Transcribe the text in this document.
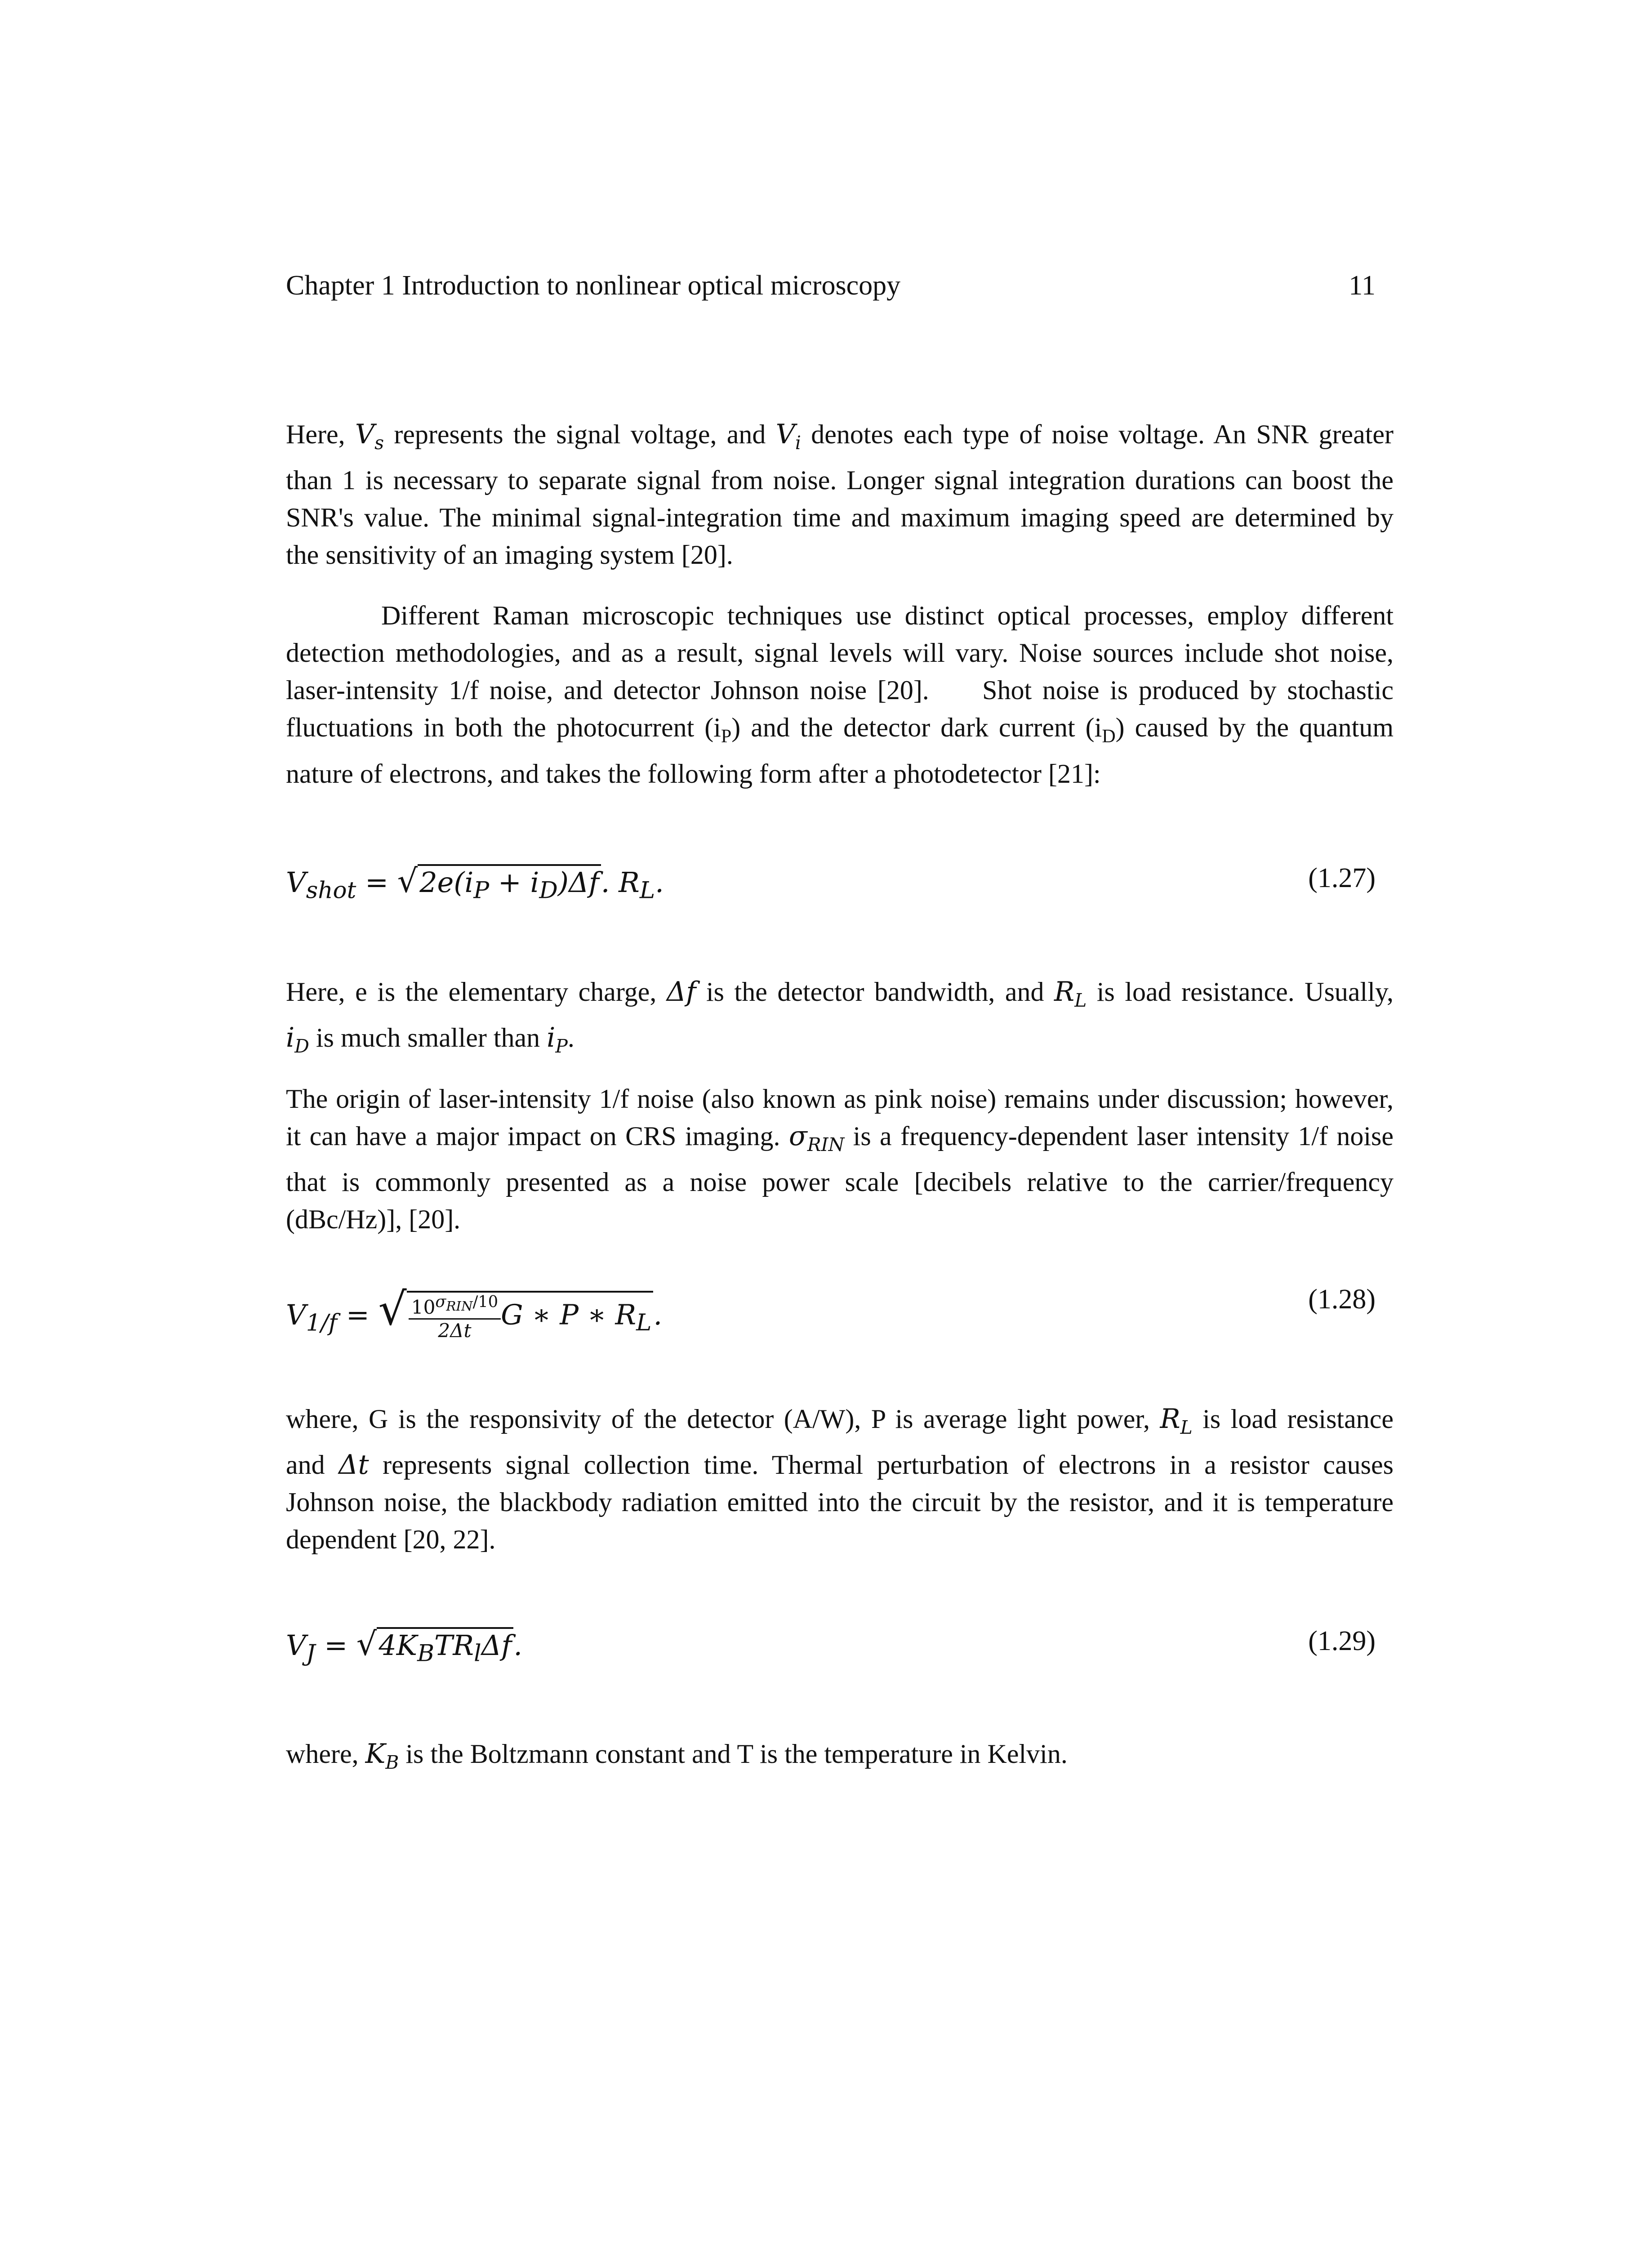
Chapter 1 Introduction to nonlinear optical microscopy	11
Here, $V_s$ represents the signal voltage, and $V_i$ denotes each type of noise voltage. An SNR greater
than 1 is necessary to separate signal from noise. Longer signal integration durations can boost the
SNR's value. The minimal signal-integration time and maximum imaging speed are determined by
the sensitivity of an imaging system [20].
Different Raman microscopic techniques use distinct optical processes, employ different
detection methodologies, and as a result, signal levels will vary. Noise sources include shot noise,
laser-intensity 1/f noise, and detector Johnson noise [20].     Shot noise is produced by stochastic
fluctuations in both the photocurrent $(i_P)$ and the detector dark current $(i_D)$ caused by the quantum
nature of electrons, and takes the following form after a photodetector [21]:
$V_{shot} = √2e(i_P + i_D)\Delta f$. $R_L$.	(1.27)
Here, e is the elementary charge, Δf is the detector bandwidth, and $R_L$ is load resistance. Usually,
$i_D$ is much smaller than $i_P$.
The origin of laser-intensity 1/f noise (also known as pink noise) remains under discussion; however,
it can have a major impact on CRS imaging. $\sigma_{RIN}$ is a frequency-dependent laser intensity 1/f noise
that is commonly presented as a noise power scale [decibels relative to the carrier/frequency
(dBc/Hz)], [20].
$V_{1/f}$ = √ $\frac{10^{\sigma_{RIN}/10}}{2\Delta t}$ G ∗ P ∗ $R_L$.	(1.28)
where, G is the responsivity of the detector (A/W), P is average light power, $R_L$ is load resistance
and Δt represents signal collection time. Thermal perturbation of electrons in a resistor causes
Johnson noise, the blackbody radiation emitted into the circuit by the resistor, and it is temperature
dependent [20, 22].
$V_J = √4K_BTR_l\Delta f$.	(1.29)
where, $K_B$ is the Boltzmann constant and T is the temperature in Kelvin.
